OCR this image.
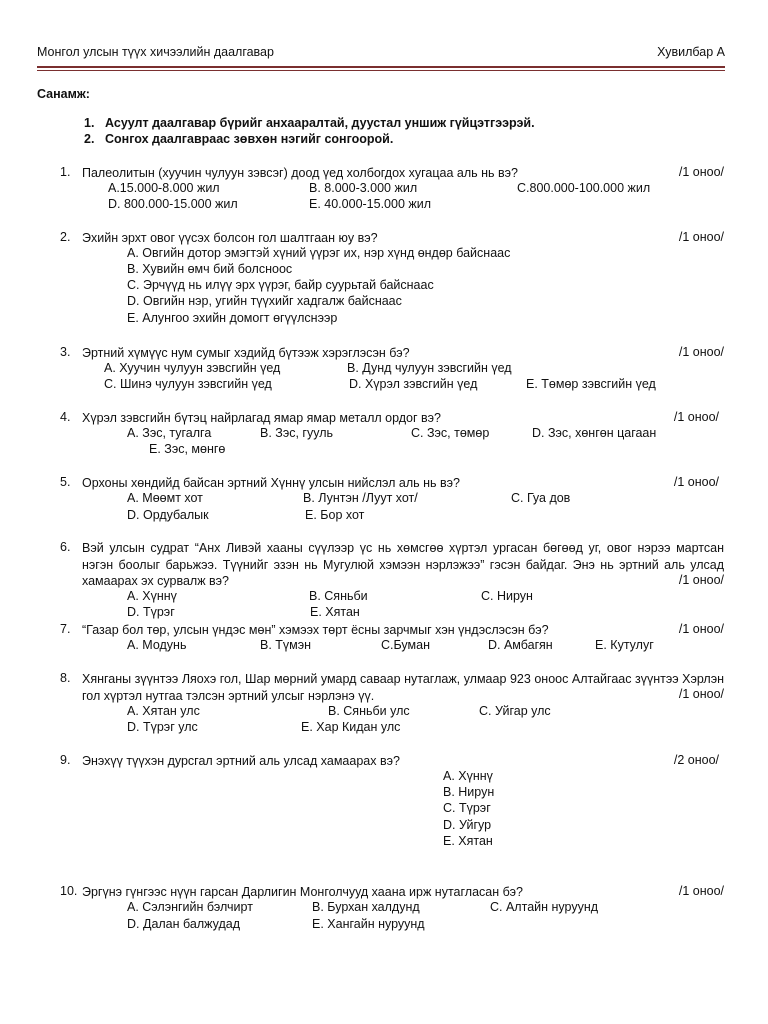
Монгол улсын түүх хичээлийн даалгавар	Хувилбар А
Санамж:
1. Асуулт даалгавар бүрийг анхааралтай, дуустал уншиж гүйцэтгээрэй.
2. Сонгох даалгавраас зөвхөн нэгийг сонгоорой.
1. Палеолитын (хуучин чулуун зэвсэг) доод үед холбогдох хугацаа аль нь вэ?	/1 оноо/
A.15.000-8.000 жил	B. 8.000-3.000 жил	C.800.000-100.000 жил
D. 800.000-15.000 жил	E. 40.000-15.000 жил
2. Эхийн эрхт овог үүсэх болсон гол шалтгаан юу вэ?	/1 оноо/
A. Овгийн дотор эмэгтэй хүний үүрэг их, нэр хүнд өндөр байснаас
B. Хувийн өмч бий болсноос
C. Эрчүүд нь илүү эрх үүрэг, байр суурьтай байснаас
D. Овгийн нэр, угийн түүхийг хадгалж байснаас
E. Алунгоо эхийн домогт өгүүлснээр
3. Эртний хүмүүс нум сумыг хэдийд бүтээж хэрэглэсэн бэ?	/1 оноо/
A. Хуучин чулуун зэвсгийн үед	B. Дунд чулуун зэвсгийн үед
C. Шинэ чулуун зэвсгийн үед	D. Хүрэл зэвсгийн үед	E. Төмөр зэвсгийн үед
4. Хүрэл зэвсгийн бүтэц найрлагад ямар ямар металл ордог вэ?	/1 оноо/
A. Зэс, тугалга	B. Зэс, гууль	C. Зэс, төмөр	D. Зэс, хөнгөн цагаан
E. Зэс, мөнгө
5. Орхоны хөндийд байсан эртний Хүннү улсын нийслэл аль нь вэ?	/1 оноо/
A. Мөөмт хот	B. Лунтэн /Луут хот/	C. Гуа дов
D. Ордубалык	E. Бор хот
6. Вэй улсын судрат “Анх Ливэй хааны сүүлээр үс нь хөмсгөө хүртэл ургасан бөгөөд уг, овог нэрээ мартсан нэгэн боолыг барьжээ. Түүнийг эзэн нь Мугулюй хэмээн нэрлэжээ” гэсэн байдаг. Энэ нь эртний аль улсад хамаарах эх сурвалж вэ?	/1 оноо/
A. Хүннү	B. Сяньби	C. Нирун
D. Түрэг	E. Хятан
7. “Газар бол төр, улсын үндэс мөн” хэмээх төрт ёсны зарчмыг хэн үндэслэсэн бэ?	/1 оноо/
A. Модунь	B. Түмэн	C.Буман	D. Амбагян	E. Кутулуг
8. Хянганы зүүнтээ Ляохэ гол, Шар мөрний умард саваар нутаглаж, улмаар 923 оноос Алтайгаас зүүнтээ Хэрлэн гол хүртэл нутгаа тэлсэн эртний улсыг нэрлэнэ үү.	/1 оноо/
A. Хятан улс	B. Сяньби улс	C. Уйгар улс
D. Түрэг улс	E. Хар Кидан улс
9. Энэхүү түүхэн дурсгал эртний аль улсад хамаарах вэ?	/2 оноо/
A. Хүннү
B. Нирун
C. Түрэг
D. Уйгур
E. Хятан
10. Эргүнэ гүнгээс нүүн гарсан Дарлигин Монголчууд хаана ирж нутагласан бэ?	/1 оноо/
A. Сэлэнгийн бэлчирт	B. Бурхан халдунд	C. Алтайн нуруунд
D. Далан балжудад	E. Хангайн нуруунд
